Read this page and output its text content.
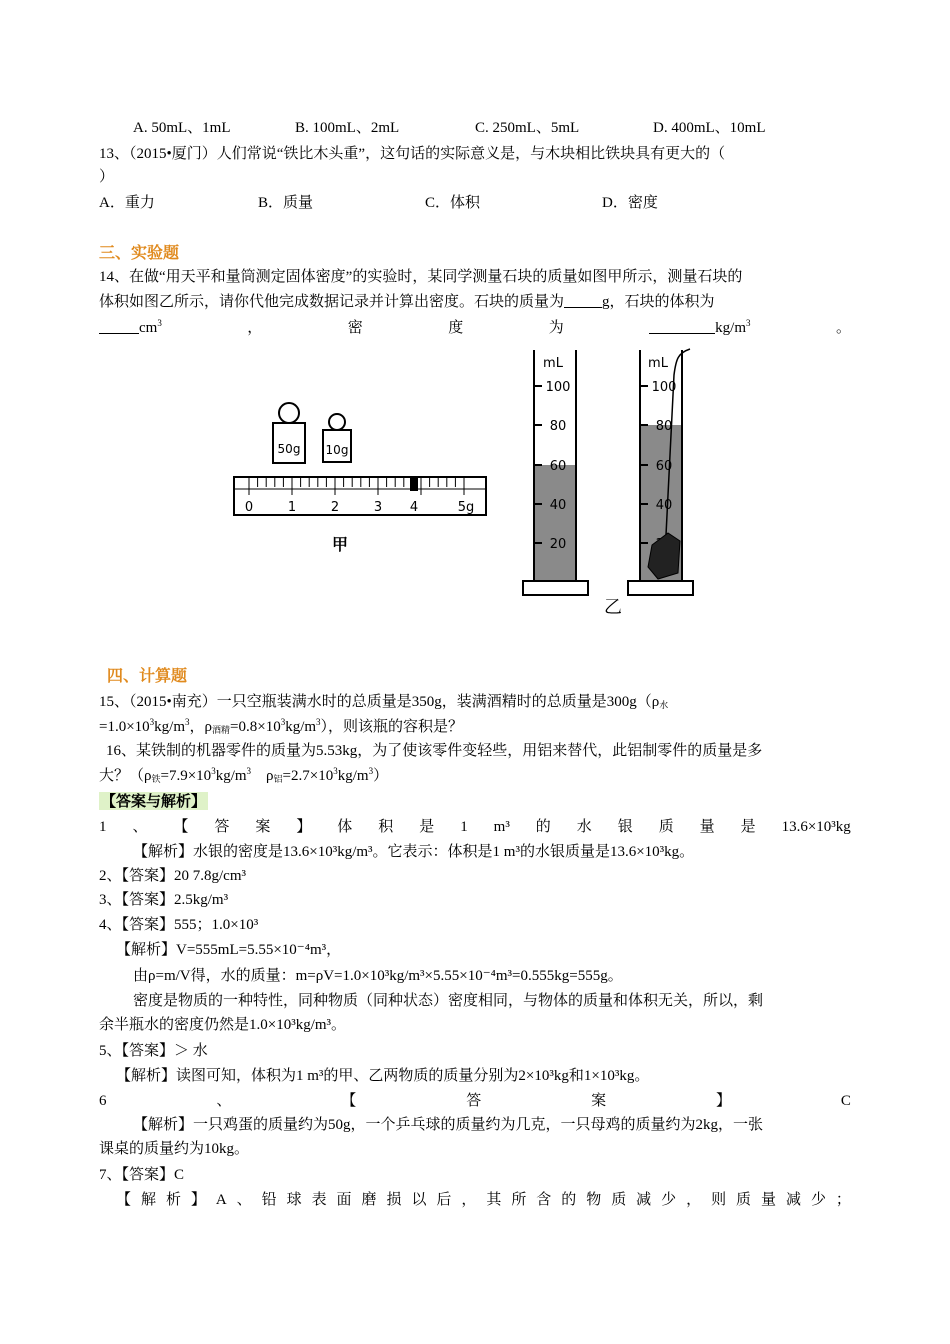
A. 50mL、1mL	B. 100mL、2mL	C. 250mL、5mL	D. 400mL、10mL
13、（2015•厦门）人们常说“铁比木头重”，这句话的实际意义是，与木块相比铁块具有更大的（
）
A．重力	B．质量	C．体积	D．密度
三、实验题
14、在做“用天平和量筒测定固体密度”的实验时，某同学测量石块的质量如图甲所示，测量石块的
体积如图乙所示，请你代他完成数据记录并计算出密度。石块的质量为	g，石块的体积为
$cm^3$	，	密	度	为	$kg/m^3$	。
50g 10g
0	1	2	3 4	5g
甲
mL
100
80
60
40
20
mL
100
80
60
40
乙
四、计算题
15、（2015•南充）一只空瓶装满水时的总质量是350g，装满酒精时的总质量是$300g(\rho_水$
$=1.0\times 10^3kg/m^3$，$\rho_{酒精}=0.8\times 10^3kg/m^3$），则该瓶的容积是？
16、某铁制的机器零件的质量为5.53kg，为了使该零件变轻些，用铝来替代，此铝制零件的质量是多
大？（$\rho_铁=7.9\times 10^3kg/m^3$ $\rho_铝=2.7\times 10^3kg/m^3$）
【答案与解析】
1 、 【 答 案 】 体 积 是 1 m³ 的 水 银 质 量 是 13.6×10³kg
【解析】水银的密度是13.6×10³kg/m³。它表示：体积是1 m³的水银质量是13.6×10³kg。
2、【答案】20 7.8g/cm³
3、【答案】2.5kg/m³
4、【答案】555；1.0×10³
【解析】V=555mL=5.55×10⁻⁴m³，
由ρ=m/V得，水的质量：m=ρV=1.0×10³kg/m³×5.55×10⁻⁴m³=0.555kg=555g。
密度是物质的一种特性，同种物质（同种状态）密度相同，与物体的质量和体积无关，所以，剩
余半瓶水的密度仍然是1.0×10³kg/m³。
5、【答案】＞ 水
【解析】读图可知，体积为1 m³的甲、乙两物质的质量分别为2×10³kg和1×10³kg。
6	、	【	答	案	】	C
【解析】一只鸡蛋的质量约为50g，一个乒乓球的质量约为几克，一只母鸡的质量约为2kg，一张
课桌的质量约为10kg。
7、【答案】C
【 解 析 】 A 、 铅 球 表 面 磨 损 以 后 ， 其 所 含 的 物 质 减 少 ， 则 质 量 减 少 ；
